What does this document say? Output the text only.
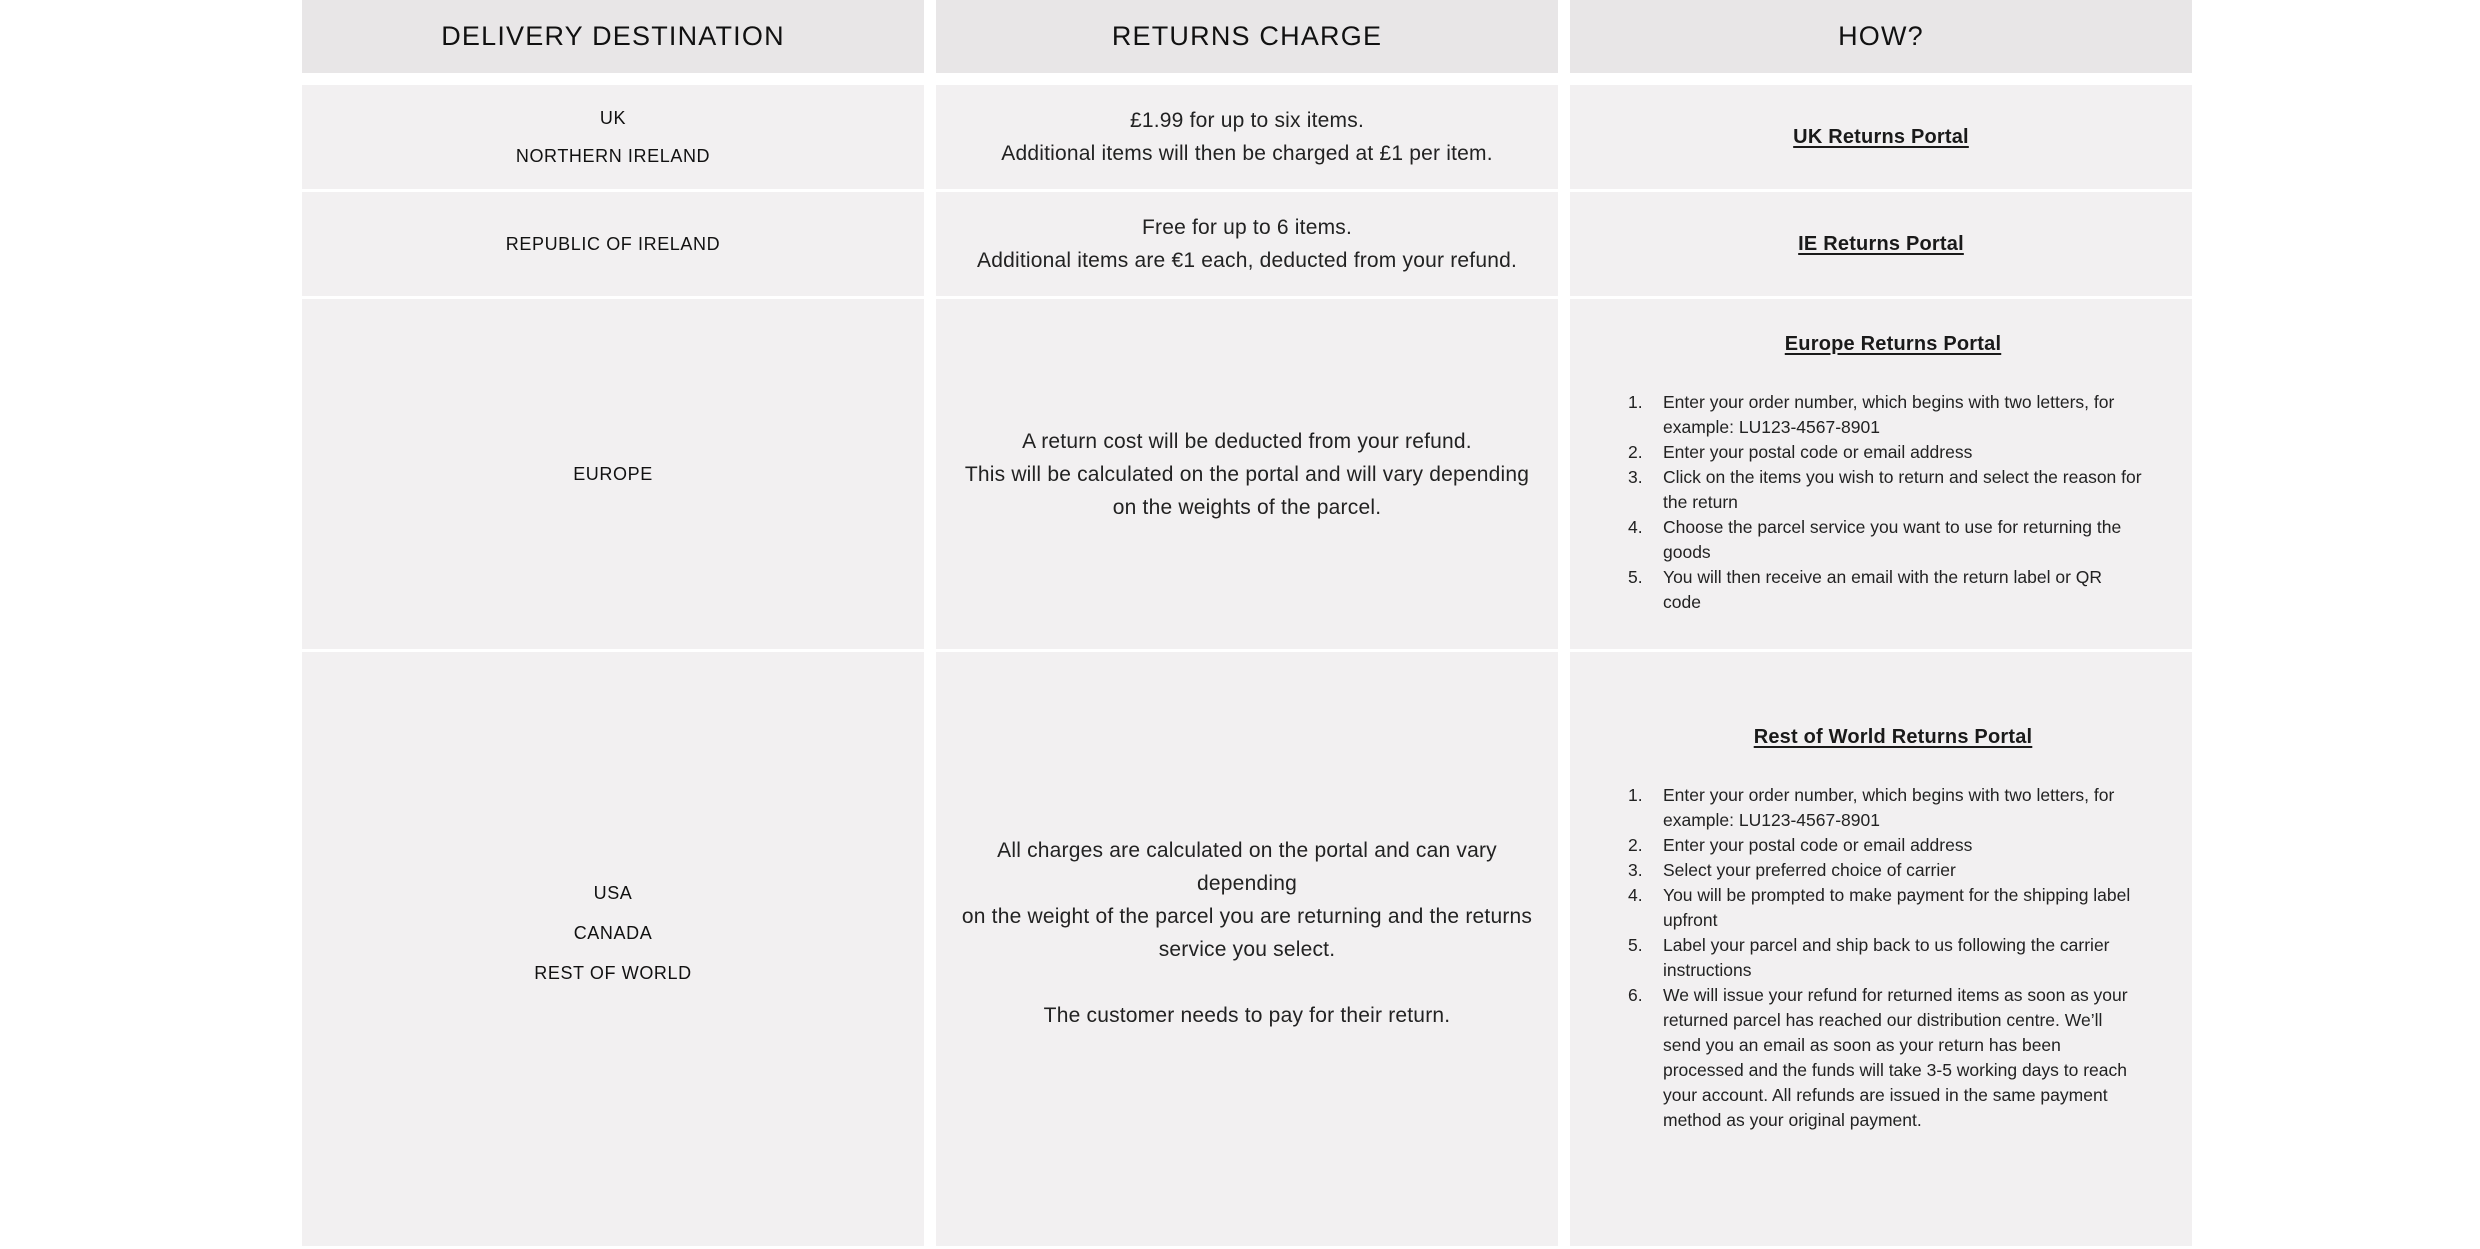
DELIVERY DESTINATION	RETURNS CHARGE	HOW?
UK
NORTHERN IRELAND
£1.99 for up to six items.
Additional items will then be charged at £1 per item.
UK Returns Portal
REPUBLIC OF IRELAND
Free for up to 6 items.
Additional items are €1 each, deducted from your refund.
IE Returns Portal
EUROPE
A return cost will be deducted from your refund.
This will be calculated on the portal and will vary depending
on the weights of the parcel.
Europe Returns Portal
Enter your order number, which begins with two letters, for example: LU123-4567-8901
Enter your postal code or email address
Click on the items you wish to return and select the reason for the return
Choose the parcel service you want to use for returning the goods
You will then receive an email with the return label or QR code
USA
CANADA
REST OF WORLD
All charges are calculated on the portal and can vary depending
on the weight of the parcel you are returning and the returns
service you select.
The customer needs to pay for their return.
Rest of World Returns Portal
Enter your order number, which begins with two letters, for example: LU123-4567-8901
Enter your postal code or email address
Select your preferred choice of carrier
You will be prompted to make payment for the shipping label upfront
Label your parcel and ship back to us following the carrier instructions
We will issue your refund for returned items as soon as your returned parcel has reached our distribution centre. We’ll send you an email as soon as your return has been processed and the funds will take 3-5 working days to reach your account. All refunds are issued in the same payment method as your original payment.
